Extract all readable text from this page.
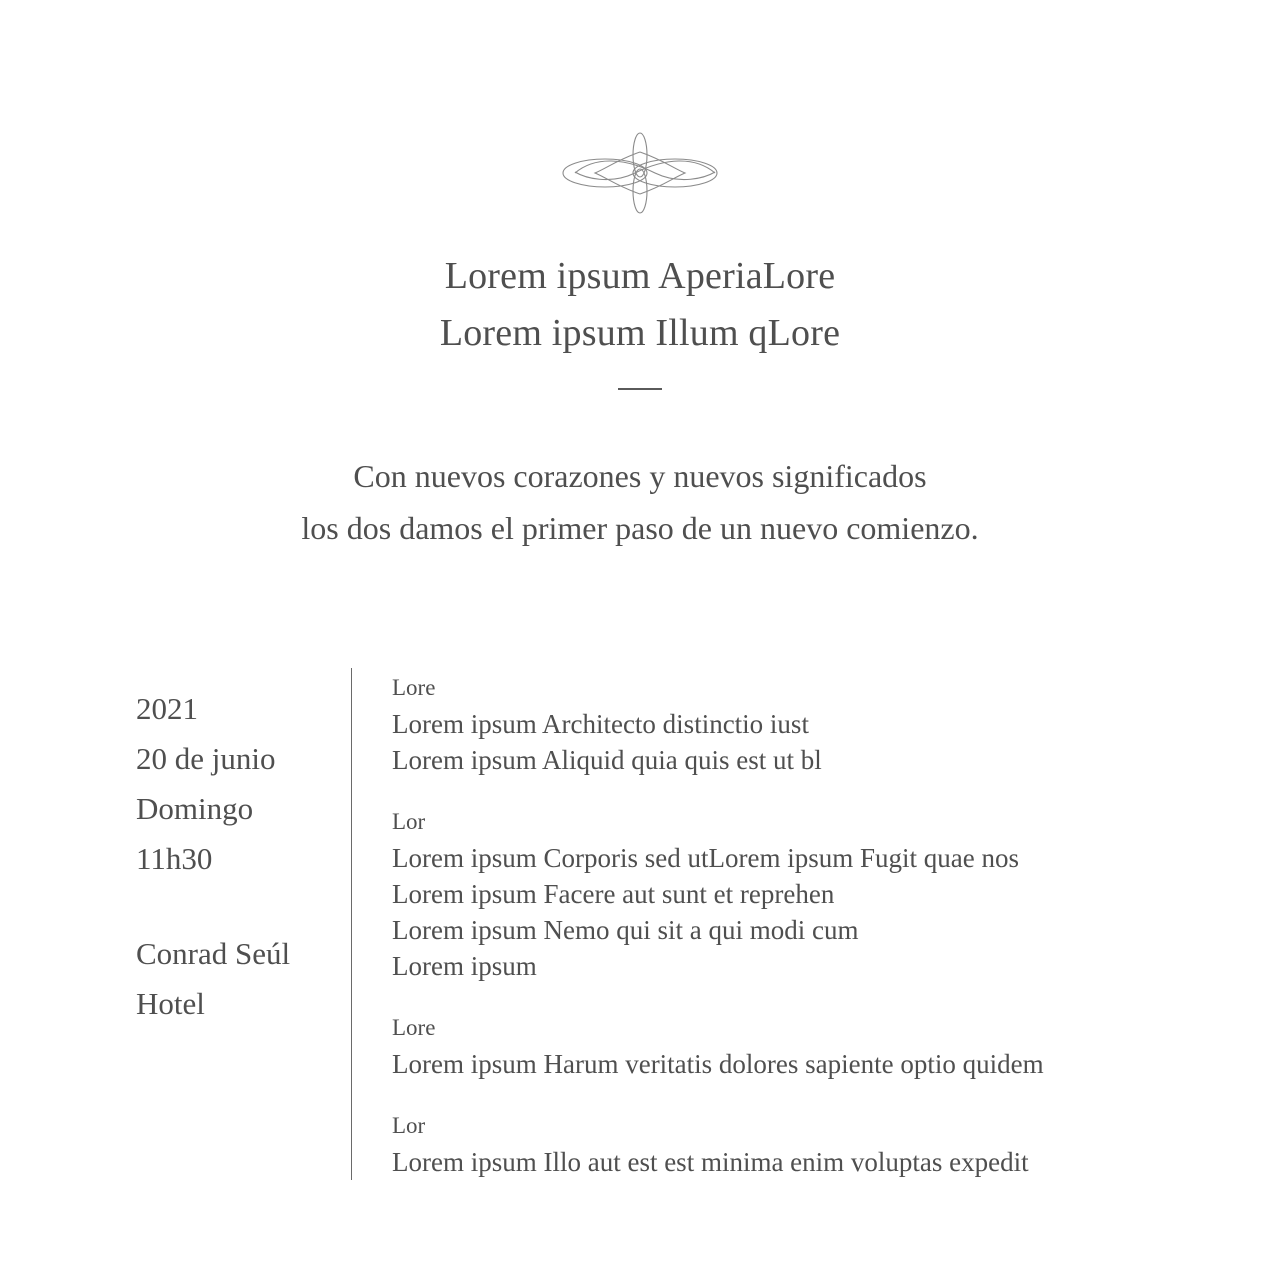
Lorem ipsum AperiaLore
Lorem ipsum Illum qLore
Con nuevos corazones y nuevos significados
los dos damos el primer paso de un nuevo comienzo.
2021
20 de junio
Domingo
11h30
Conrad Seúl
Hotel
Lore
Lorem ipsum Architecto distinctio iust
Lorem ipsum Aliquid quia quis est ut bl
Lor
Lorem ipsum Corporis sed utLorem ipsum Fugit quae nos
Lorem ipsum Facere aut sunt et reprehen
Lorem ipsum Nemo qui sit a qui modi cum
Lorem ipsum
Lore
Lorem ipsum Harum veritatis dolores sapiente optio quidem
Lor
Lorem ipsum Illo aut est est minima enim voluptas expedit
